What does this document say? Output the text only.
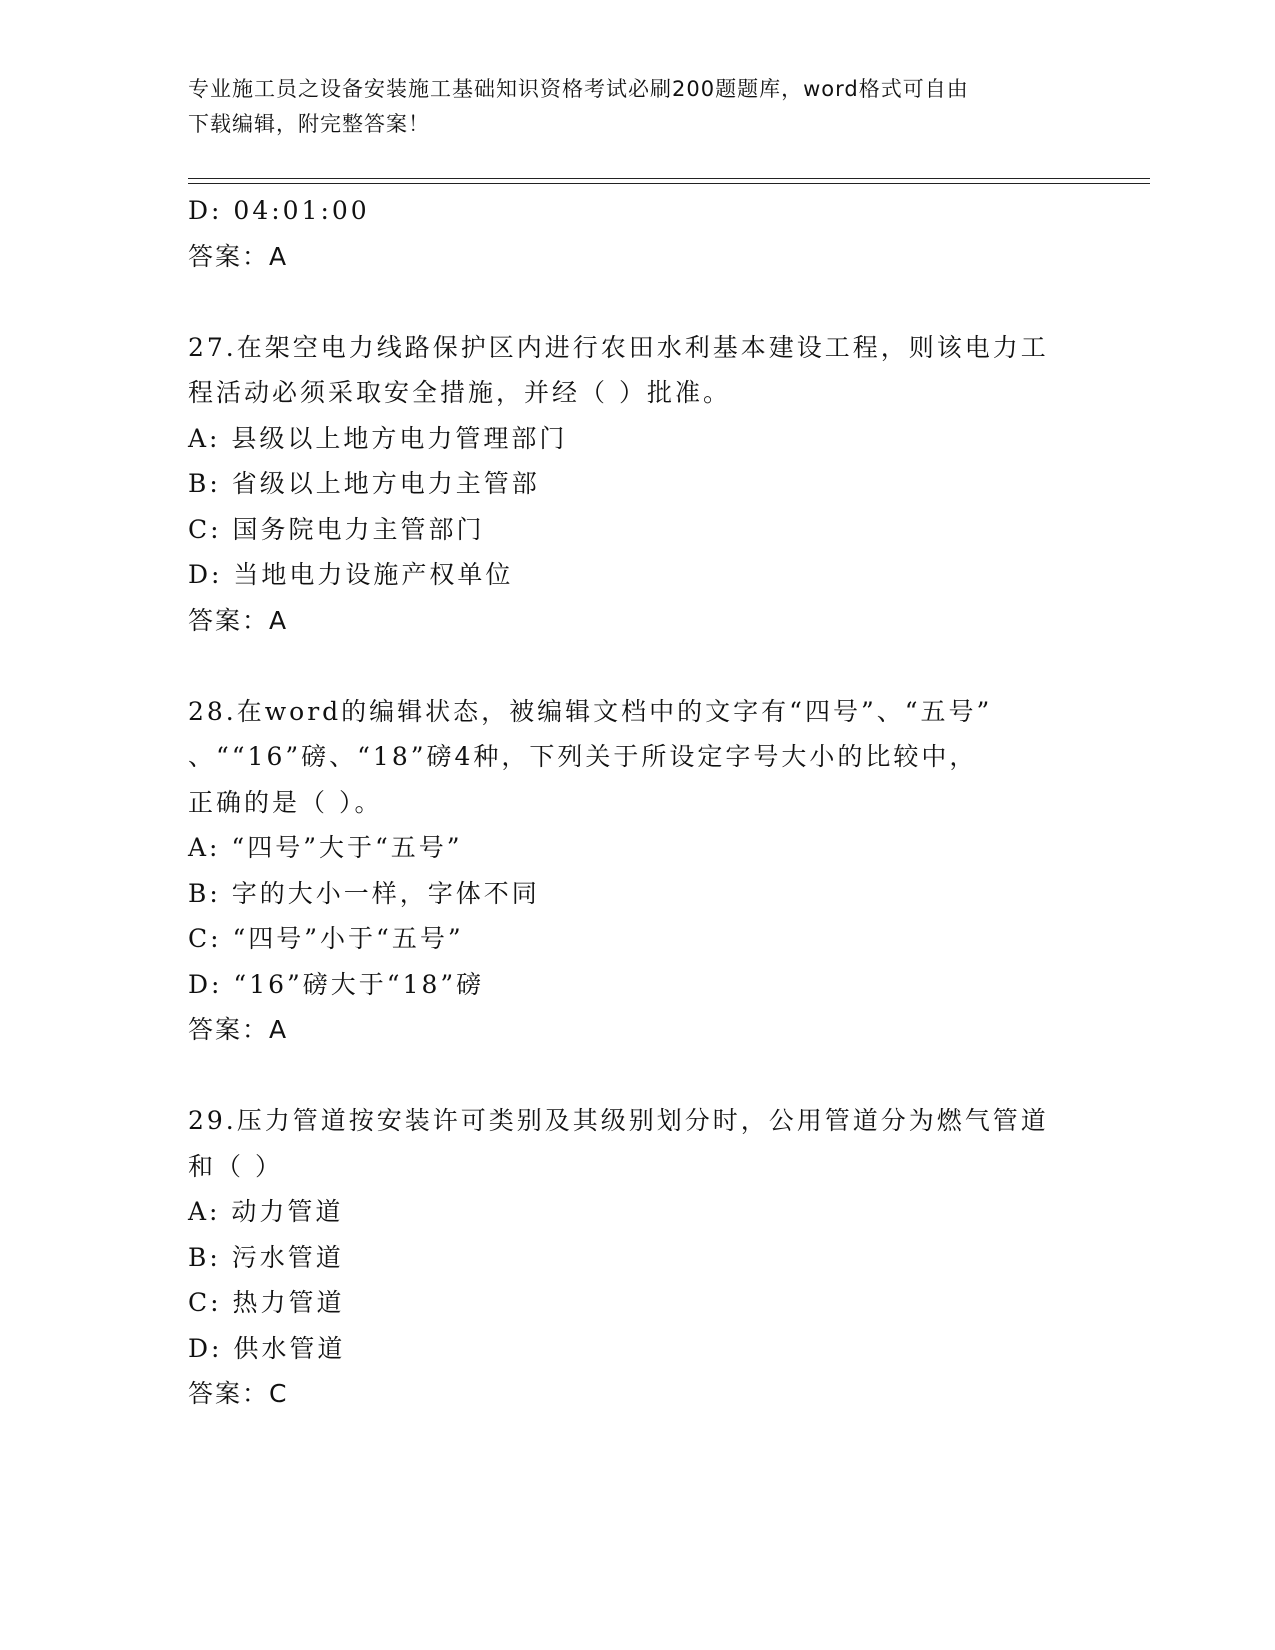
专业施工员之设备安装施工基础知识资格考试必刷200题题库，word格式可自由
下载编辑，附完整答案！
D: 04:01:00
答案：A
27.在架空电力线路保护区内进行农田水利基本建设工程，则该电力工
程活动必须采取安全措施，并经（ ）批准。
A: 县级以上地方电力管理部门
B: 省级以上地方电力主管部
C: 国务院电力主管部门
D: 当地电力设施产权单位
答案：A
28.在word的编辑状态，被编辑文档中的文字有“四号”、“五号”
、““16”磅、“18”磅4种，下列关于所设定字号大小的比较中，
正确的是（ ）。
A: “四号”大于“五号”
B: 字的大小一样，字体不同
C: “四号”小于“五号”
D: “16”磅大于“18”磅
答案：A
29.压力管道按安装许可类别及其级别划分时，公用管道分为燃气管道
和（ ）
A: 动力管道
B: 污水管道
C: 热力管道
D: 供水管道
答案：C
